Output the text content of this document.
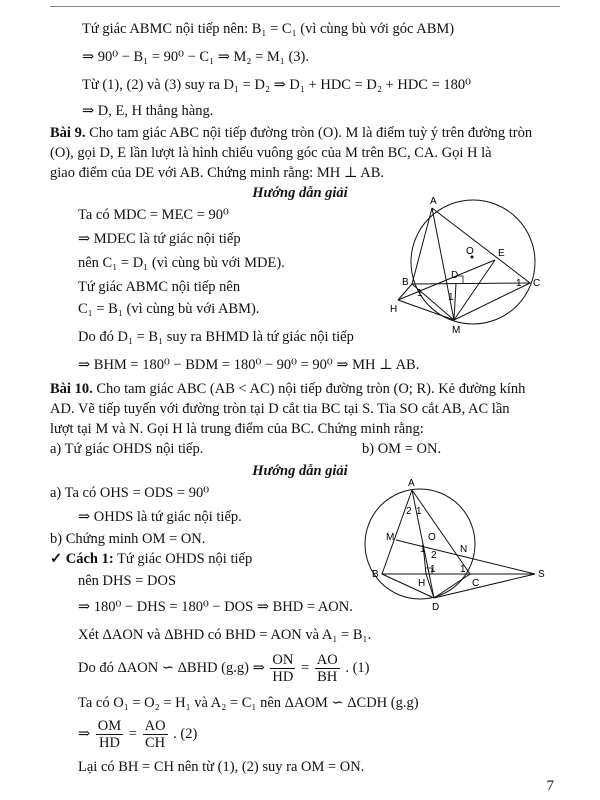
Tứ giác ABMC nội tiếp nên: B₁ = C₁ (vì cùng bù với góc ABM)
⇒ 90⁰ − B₁ = 90⁰ − C₁ ⇒ M₂ = M₁ (3).
Từ (1), (2) và (3) suy ra D₁ = D₂ ⇒ D₁ + HDC = D₂ + HDC = 180⁰
⇒ D, E, H thẳng hàng.
Bài 9. Cho tam giác ABC nội tiếp đường tròn (O). M là điểm tuỳ ý trên đường tròn
(O), gọi D, E lần lượt là hình chiếu vuông góc của M trên BC, CA. Gọi H là
giao điểm của DE với AB. Chứng minh rằng: MH ⊥ AB.
Hướng dẫn giải
Ta có MDC = MEC = 90⁰
⇒ MDEC là tứ giác nội tiếp
nên C₁ = D₁ (vì cùng bù với MDE).
Tứ giác ABMC nội tiếp nên
C₁ = B₁ (vì cùng bù với ABM).
Do đó D₁ = B₁ suy ra BHMD là tứ giác nội tiếp
⇒ BHM = 180⁰ − BDM = 180⁰ − 90⁰ = 90⁰ ⇒ MH ⊥ AB.
A
B	C
D
E
O
M
H
1	1
1
Bài 10. Cho tam giác ABC (AB < AC) nội tiếp đường tròn (O; R). Kẻ đường kính
AD. Vẽ tiếp tuyến với đường tròn tại D cắt tia BC tại S. Tia SO cắt AB, AC lần
lượt tại M và N. Gọi H là trung điểm của BC. Chứng minh rằng:
a) Tứ giác OHDS nội tiếp.	b) OM = ON.
Hướng dẫn giải
a) Ta có OHS = ODS = 90⁰
⇒ OHDS là tứ giác nội tiếp.
b) Chứng minh OM = ON.
✓ Cách 1: Tứ giác OHDS nội tiếp
nên DHS = DOS
⇒ 180⁰ − DHS = 180⁰ − DOS ⇒ BHD = AON.
Xét ΔAON và ΔBHD có BHD = AON và A₁ = B₁.
Do đó ΔAON ∽ ΔBHD (g.g) ⇒ $\frac{ON}{HD} = \frac{AO}{BH}$ . (1)
Ta có O₁ = O₂ = H₁ và A₂ = C₁ nên ΔAOM ∽ ΔCDH (g.g)
⇒ $\frac{OM}{HD} = \frac{AO}{CH}$ . (2)
Lại có BH = CH nên từ (1), (2) suy ra OM = ON.
A
B
C
D
O
M
N
H
S
2 1
1
2
1 1
7
